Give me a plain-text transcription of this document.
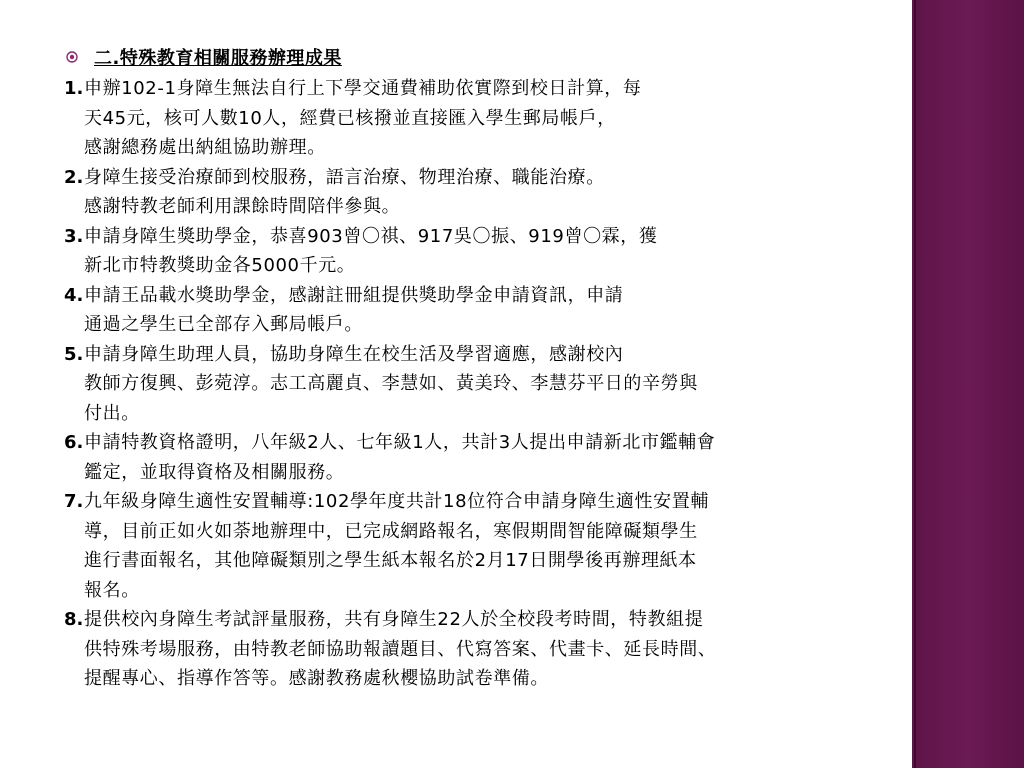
二.特殊教育相關服務辦理成果
1. 申辦102-1身障生無法自行上下學交通費補助依實際到校日計算，每
天45元，核可人數10人，經費已核撥並直接匯入學生郵局帳戶，
感謝總務處出納組協助辦理。
2. 身障生接受治療師到校服務，語言治療、物理治療、職能治療。
感謝特教老師利用課餘時間陪伴參與。
3. 申請身障生獎助學金，恭喜903曾〇祺、917吳〇振、919曾〇霖，獲
新北市特教獎助金各5000千元。
4. 申請王品載水獎助學金，感謝註冊組提供獎助學金申請資訊，申請
通過之學生已全部存入郵局帳戶。
5. 申請身障生助理人員，協助身障生在校生活及學習適應，感謝校內
教師方復興、彭菀淳。志工高麗貞、李慧如、黃美玲、李慧芬平日的辛勞與
付出。
6. 申請特教資格證明，八年級2人、七年級1人，共計3人提出申請新北市鑑輔會
鑑定，並取得資格及相關服務。
7. 九年級身障生適性安置輔導:102學年度共計18位符合申請身障生適性安置輔
導，目前正如火如荼地辦理中，已完成網路報名，寒假期間智能障礙類學生
進行書面報名，其他障礙類別之學生紙本報名於2月17日開學後再辦理紙本
報名。
8. 提供校內身障生考試評量服務，共有身障生22人於全校段考時間，特教組提
供特殊考場服務，由特教老師協助報讀題目、代寫答案、代畫卡、延長時間、
提醒專心、指導作答等。感謝教務處秋櫻協助試卷準備。
